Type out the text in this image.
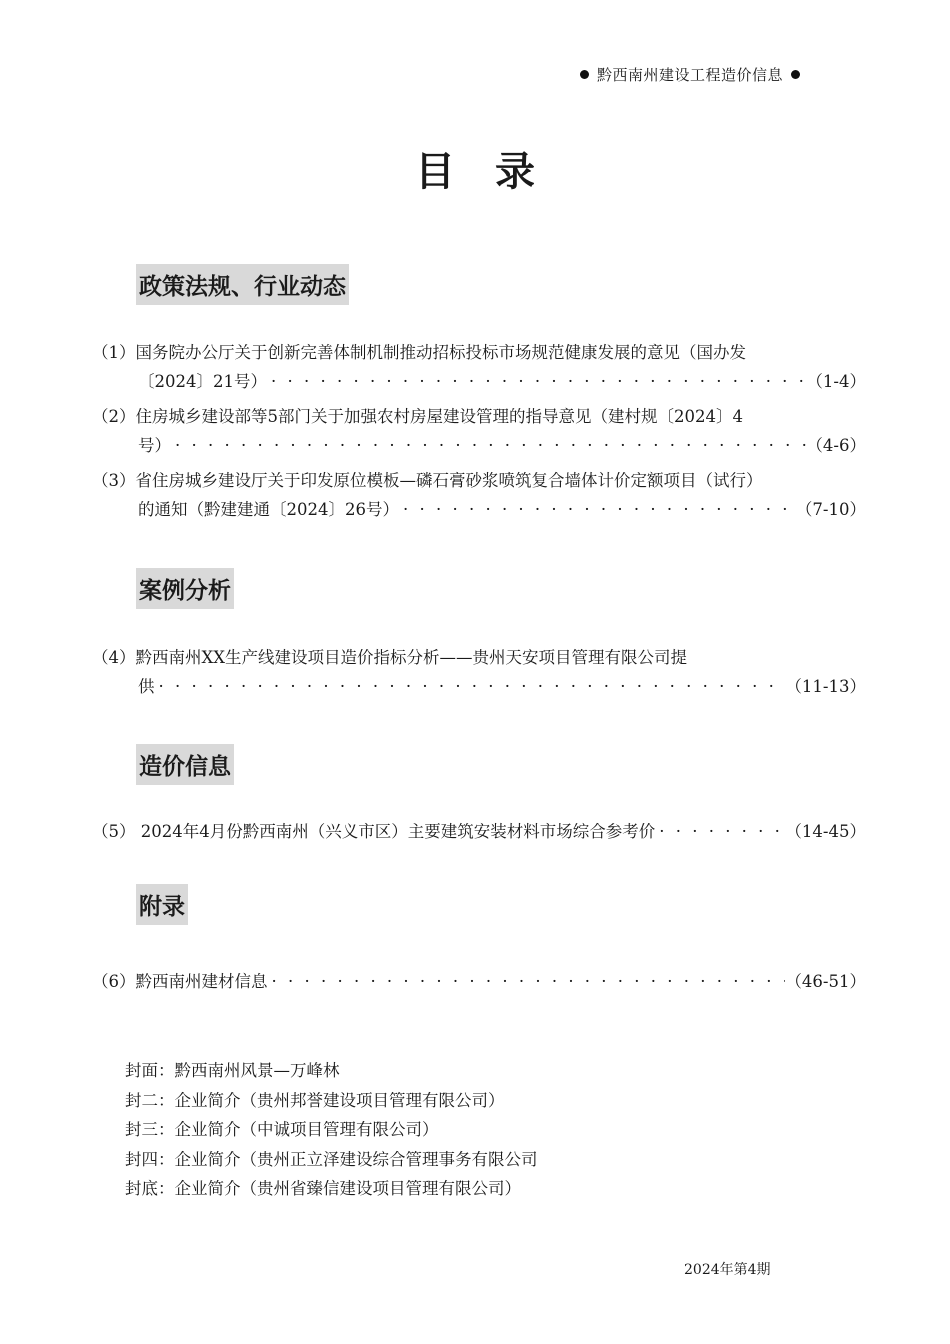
黔西南州建设工程造价信息
目录
政策法规、行业动态
（1）国务院办公厅关于创新完善体制机制推动招标投标市场规范健康发展的意见（国办发
〔2024〕21号） · · ·	（1-4）
（2）住房城乡建设部等5部门关于加强农村房屋建设管理的指导意见（建村规〔2024〕4
号） · · ·	（4-6）
（3）省住房城乡建设厅关于印发原位模板—磷石膏砂浆喷筑复合墙体计价定额项目（试行）
的通知（黔建建通〔2024〕26号） · · ·	（7-10）
案例分析
（4）黔西南州XX生产线建设项目造价指标分析——贵州天安项目管理有限公司提
供 · · ·	（11-13）
造价信息
（5） 2024年4月份黔西南州（兴义市区）主要建筑安装材料市场综合参考价 · · ·	（14-45）
附录
（6）黔西南州建材信息 · · ·	（46-51）
封面：黔西南州风景—万峰林
封二：企业简介（贵州邦誉建设项目管理有限公司）
封三：企业简介（中诚项目管理有限公司）
封四：企业简介（贵州正立泽建设综合管理事务有限公司
封底：企业简介（贵州省臻信建设项目管理有限公司）
2024年第4期
